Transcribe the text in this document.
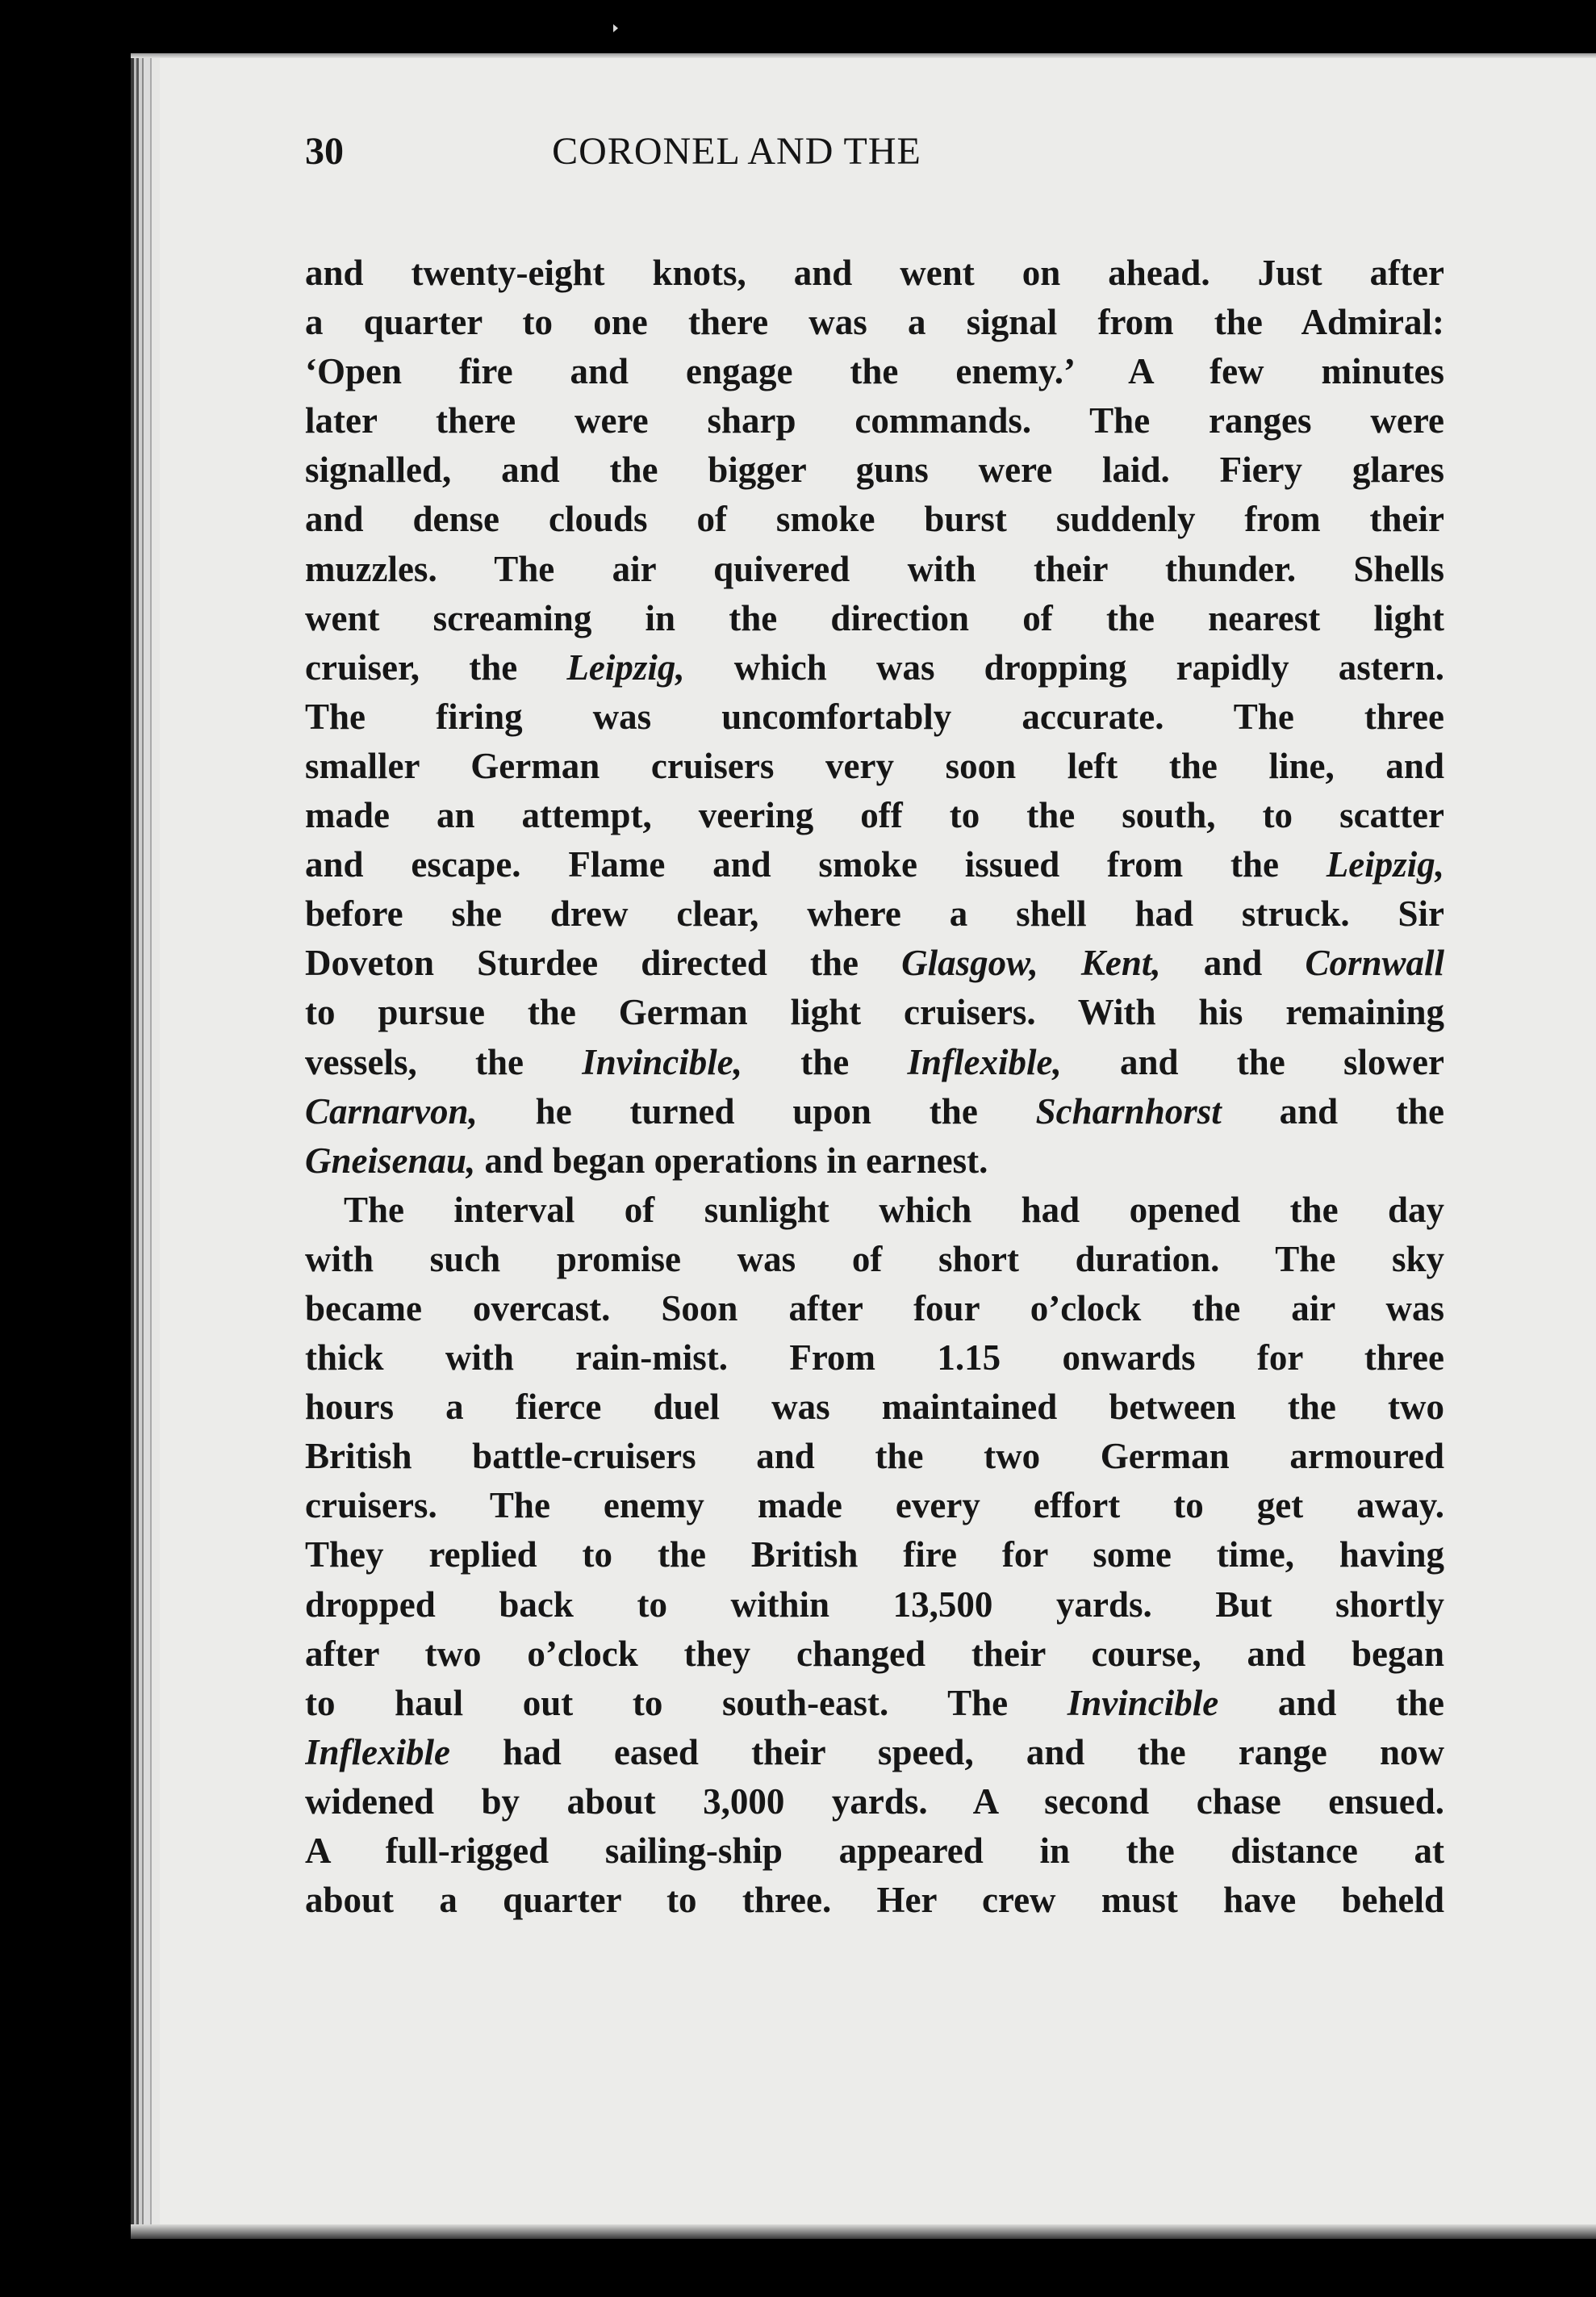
30	CORONEL AND THE
and twenty-eight knots, and went on ahead. Just after
a quarter to one there was a signal from the Admiral:
‘Open fire and engage the enemy.’ A few minutes
later there were sharp commands. The ranges were
signalled, and the bigger guns were laid. Fiery glares
and dense clouds of smoke burst suddenly from their
muzzles. The air quivered with their thunder. Shells
went screaming in the direction of the nearest light
cruiser, the Leipzig, which was dropping rapidly astern.
The firing was uncomfortably accurate. The three
smaller German cruisers very soon left the line, and
made an attempt, veering off to the south, to scatter
and escape. Flame and smoke issued from the Leipzig,
before she drew clear, where a shell had struck. Sir
Doveton Sturdee directed the Glasgow, Kent, and Cornwall
to pursue the German light cruisers. With his remaining
vessels, the Invincible, the Inflexible, and the slower
Carnarvon, he turned upon the Scharnhorst and the
Gneisenau, and began operations in earnest.
The interval of sunlight which had opened the day
with such promise was of short duration. The sky
became overcast. Soon after four o’clock the air was
thick with rain-mist. From 1.15 onwards for three
hours a fierce duel was maintained between the two
British battle-cruisers and the two German armoured
cruisers. The enemy made every effort to get away.
They replied to the British fire for some time, having
dropped back to within 13,500 yards. But shortly
after two o’clock they changed their course, and began
to haul out to south-east. The Invincible and the
Inflexible had eased their speed, and the range now
widened by about 3,000 yards. A second chase ensued.
A full-rigged sailing-ship appeared in the distance at
about a quarter to three. Her crew must have beheld
